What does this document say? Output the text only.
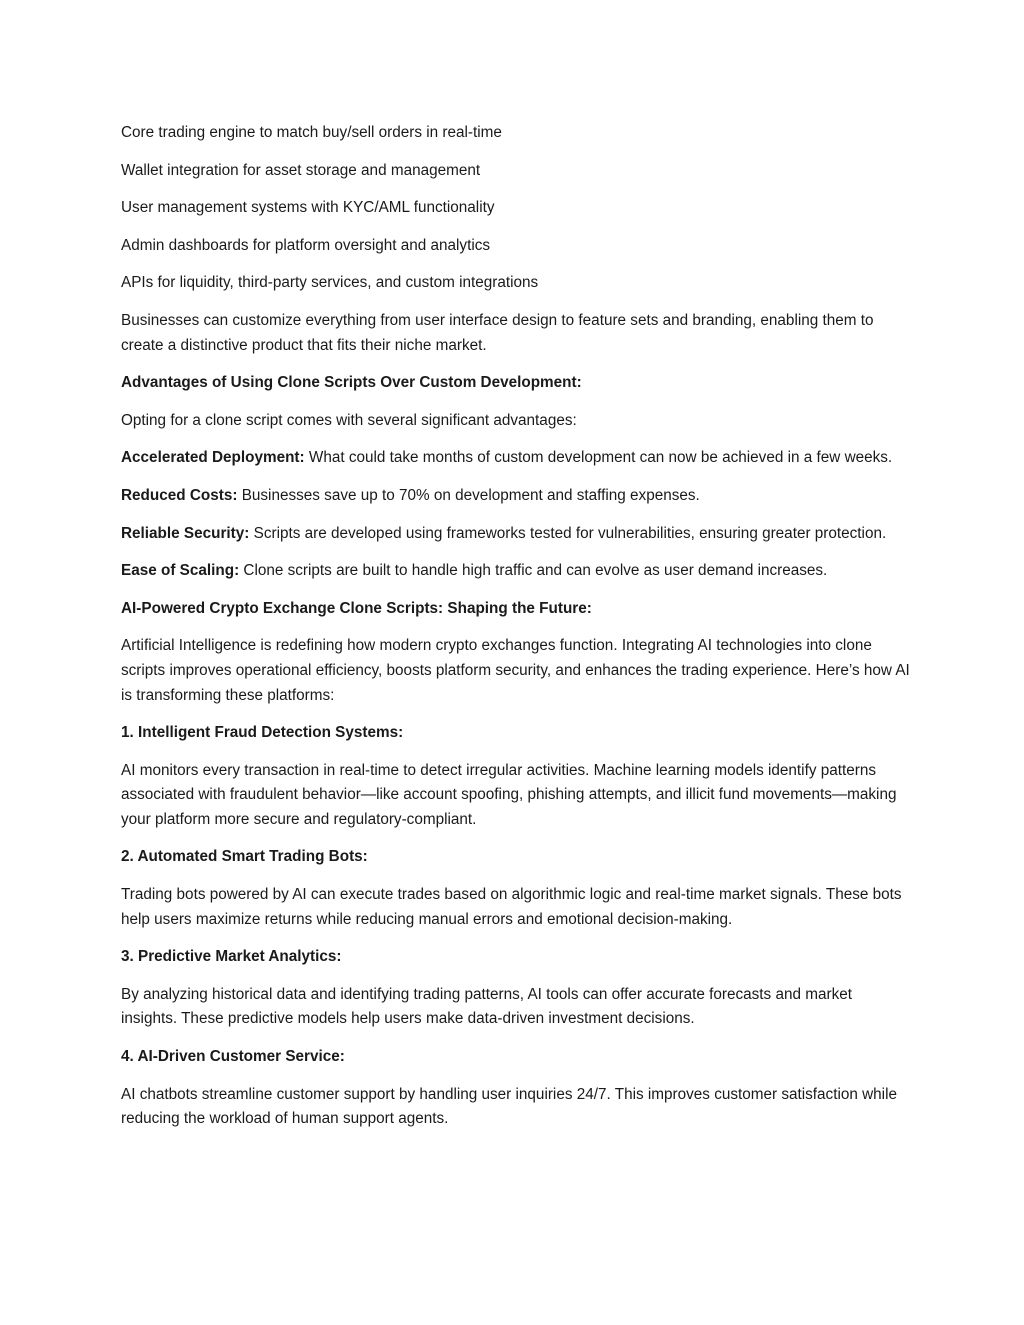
Core trading engine to match buy/sell orders in real-time

Wallet integration for asset storage and management

User management systems with KYC/AML functionality

Admin dashboards for platform oversight and analytics

APIs for liquidity, third-party services, and custom integrations

Businesses can customize everything from user interface design to feature sets and branding, enabling them to create a distinctive product that fits their niche market.

Advantages of Using Clone Scripts Over Custom Development:

Opting for a clone script comes with several significant advantages:

Accelerated Deployment: What could take months of custom development can now be achieved in a few weeks.

Reduced Costs: Businesses save up to 70% on development and staffing expenses.

Reliable Security: Scripts are developed using frameworks tested for vulnerabilities, ensuring greater protection.

Ease of Scaling: Clone scripts are built to handle high traffic and can evolve as user demand increases.

AI-Powered Crypto Exchange Clone Scripts: Shaping the Future:

Artificial Intelligence is redefining how modern crypto exchanges function. Integrating AI technologies into clone scripts improves operational efficiency, boosts platform security, and enhances the trading experience. Here’s how AI is transforming these platforms:

1. Intelligent Fraud Detection Systems:

AI monitors every transaction in real-time to detect irregular activities. Machine learning models identify patterns associated with fraudulent behavior—like account spoofing, phishing attempts, and illicit fund movements—making your platform more secure and regulatory-compliant.

2. Automated Smart Trading Bots:

Trading bots powered by AI can execute trades based on algorithmic logic and real-time market signals. These bots help users maximize returns while reducing manual errors and emotional decision-making.

3. Predictive Market Analytics:

By analyzing historical data and identifying trading patterns, AI tools can offer accurate forecasts and market insights. These predictive models help users make data-driven investment decisions.

4. AI-Driven Customer Service:

AI chatbots streamline customer support by handling user inquiries 24/7. This improves customer satisfaction while reducing the workload of human support agents.
